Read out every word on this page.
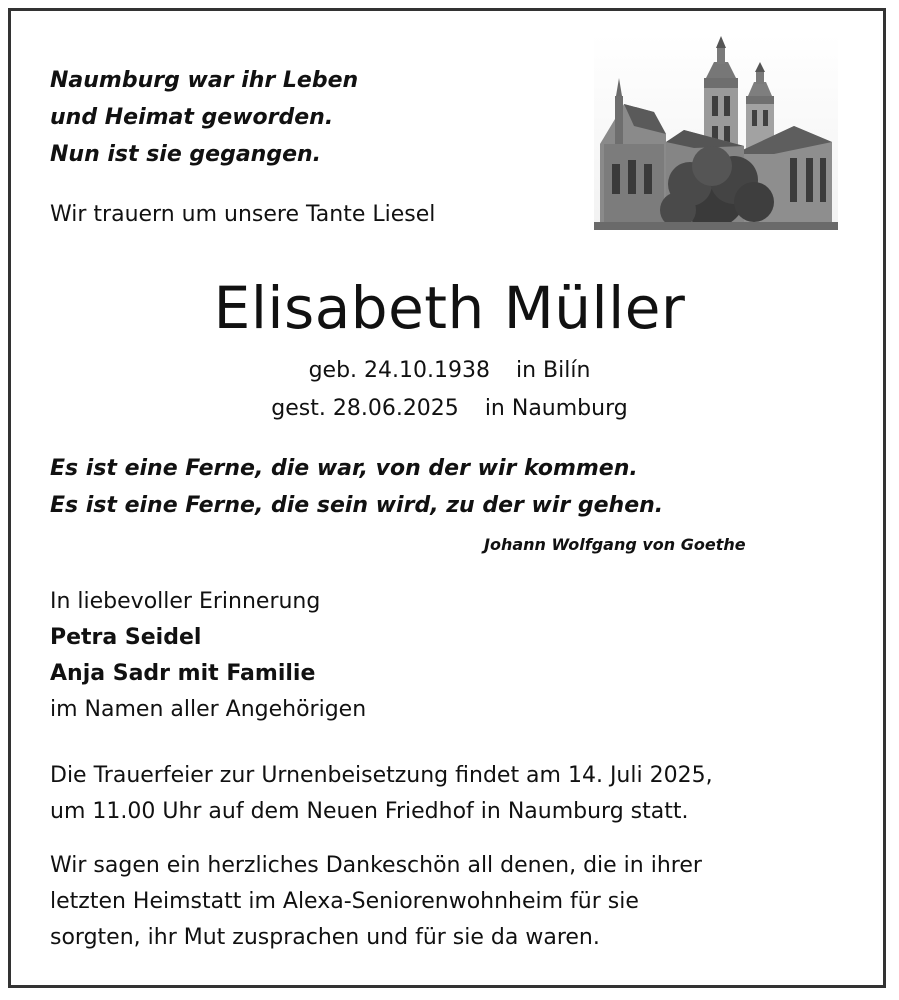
Naumburg war ihr Leben
und Heimat geworden.
Nun ist sie gegangen.
Wir trauern um unsere Tante Liesel
Elisabeth Müller
geb. 24.10.1938 in Bilín
gest. 28.06.2025 in Naumburg
Es ist eine Ferne, die war, von der wir kommen.
Es ist eine Ferne, die sein wird, zu der wir gehen.
Johann Wolfgang von Goethe
In liebevoller Erinnerung
Petra Seidel
Anja Sadr mit Familie
im Namen aller Angehörigen
Die Trauerfeier zur Urnenbeisetzung findet am 14. Juli 2025,
um 11.00 Uhr auf dem Neuen Friedhof in Naumburg statt.
Wir sagen ein herzliches Dankeschön all denen, die in ihrer
letzten Heimstatt im Alexa-Seniorenwohnheim für sie
sorgten, ihr Mut zusprachen und für sie da waren.
